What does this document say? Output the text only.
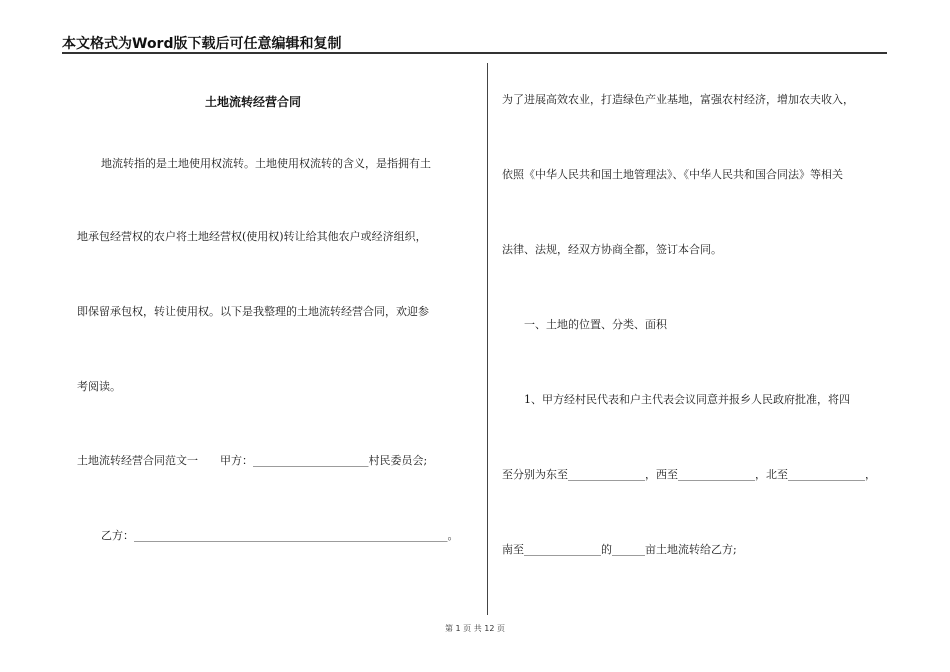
本文格式为Word版下载后可任意编辑和复制
土地流转经营合同
地流转指的是土地使用权流转。土地使用权流转的含义，是指拥有土
地承包经营权的农户将土地经营权(使用权)转让给其他农户或经济组织，
即保留承包权，转让使用权。以下是我整理的土地流转经营合同，欢迎参
考阅读。
土地流转经营合同范文一　　甲方：_____________________村民委员会;
乙方：_________________________________________________________。
为了进展高效农业，打造绿色产业基地，富强农村经济，增加农夫收入，
依照《中华人民共和国土地管理法》、《中华人民共和国合同法》等相关
法律、法规，经双方协商全都，签订本合同。
一、土地的位置、分类、面积
1、甲方经村民代表和户主代表会议同意并报乡人民政府批准，将四
至分别为东至______________，西至______________，北至______________，
南至______________的______亩土地流转给乙方;
第 1 页 共 12 页
